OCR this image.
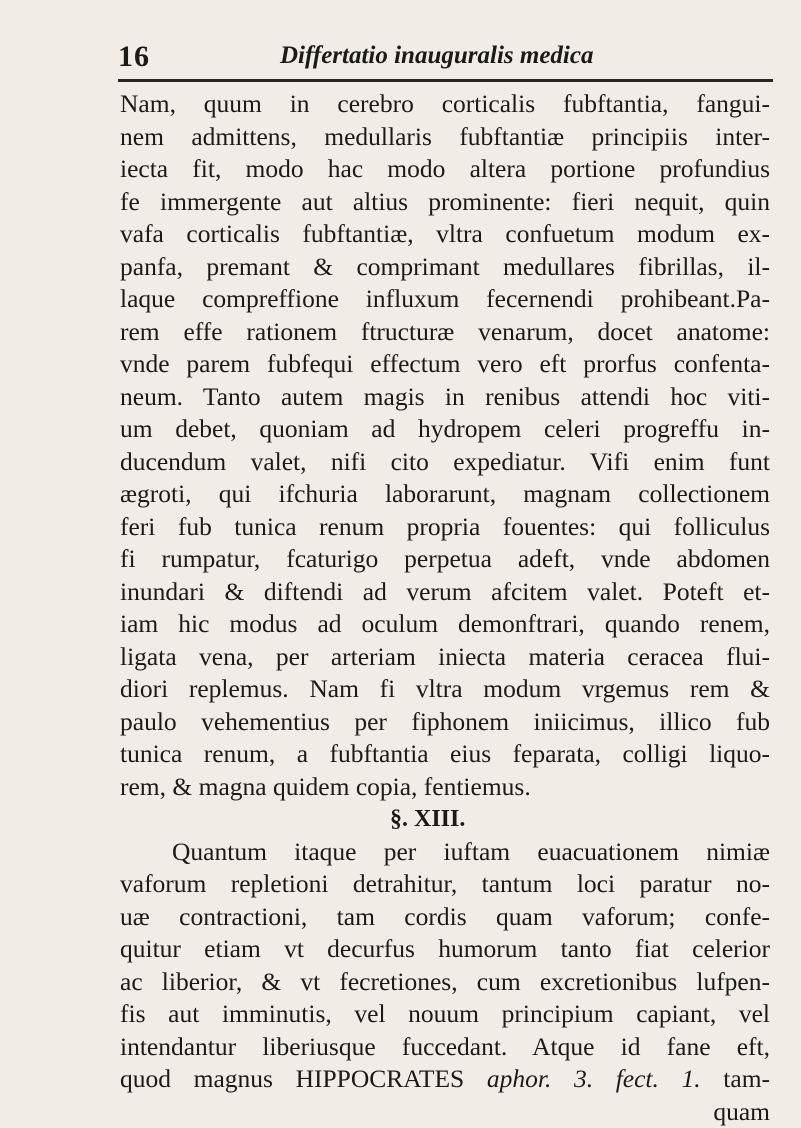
16	Differtatio inauguralis medica
Nam, quum in cerebro corticalis fubftantia, fangui-
nem admittens, medullaris fubftantiæ principiis inter-
iecta fit, modo hac modo altera portione profundius
fe immergente aut altius prominente: fieri nequit, quin
vafa corticalis fubftantiæ, vltra confuetum modum ex-
panfa, premant & comprimant medullares fibrillas, il-
laque compreffione influxum fecernendi prohibeant.Pa-
rem effe rationem ftructuræ venarum, docet anatome:
vnde parem fubfequi effectum vero eft prorfus confenta-
neum. Tanto autem magis in renibus attendi hoc viti-
um debet, quoniam ad hydropem celeri progreffu in-
ducendum valet, nifi cito expediatur. Vifi enim funt
ægroti, qui ifchuria laborarunt, magnam collectionem
feri fub tunica renum propria fouentes: qui folliculus
fi rumpatur, fcaturigo perpetua adeft, vnde abdomen
inundari & diftendi ad verum afcitem valet. Poteft et-
iam hic modus ad oculum demonftrari, quando renem,
ligata vena, per arteriam iniecta materia ceracea flui-
diori replemus. Nam fi vltra modum vrgemus rem &
paulo vehementius per fiphonem iniicimus, illico fub
tunica renum, a fubftantia eius feparata, colligi liquo-
rem, & magna quidem copia, fentiemus.
§. XIII.
Quantum itaque per iuftam euacuationem nimiæ
vaforum repletioni detrahitur, tantum loci paratur no-
uæ contractioni, tam cordis quam vaforum; confe-
quitur etiam vt decurfus humorum tanto fiat celerior
ac liberior, & vt fecretiones, cum excretionibus lufpen-
fis aut imminutis, vel nouum principium capiant, vel
intendantur liberiusque fuccedant. Atque id fane eft,
quod magnus HIPPOCRATES aphor. 3. fect. 1. tam-
quam
